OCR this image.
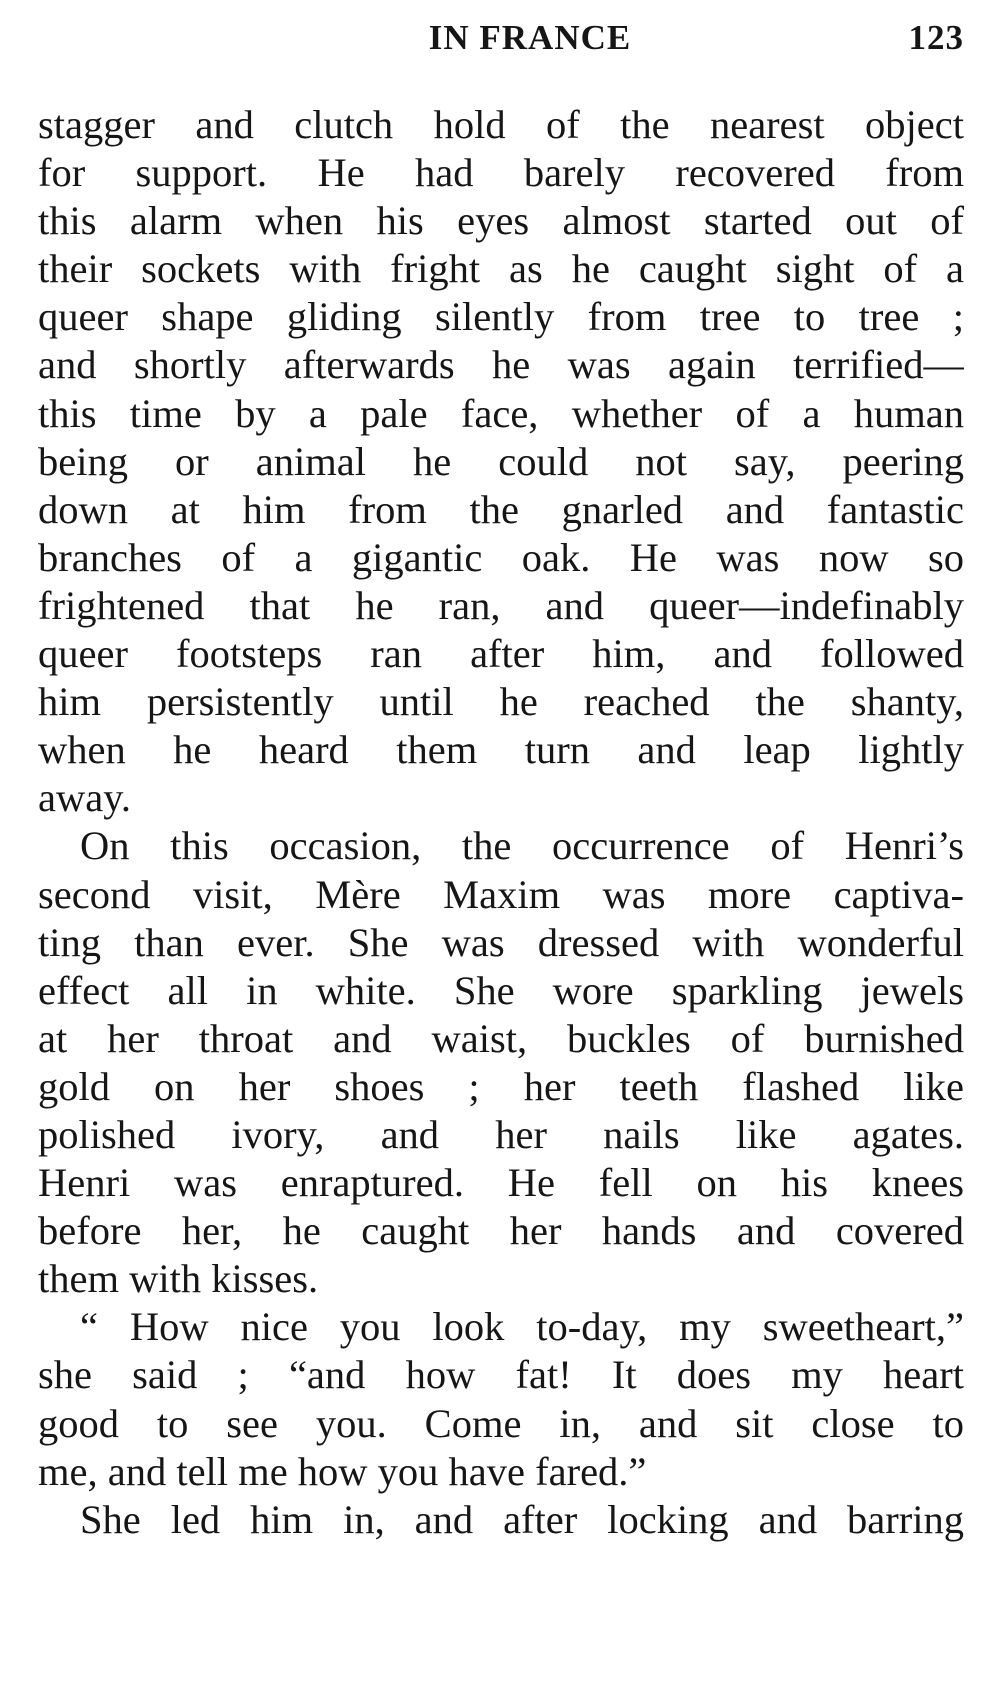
IN FRANCE	123
stagger and clutch hold of the nearest object
for support. He had barely recovered from
this alarm when his eyes almost started out of
their sockets with fright as he caught sight of a
queer shape gliding silently from tree to tree ;
and shortly afterwards he was again terrified—
this time by a pale face, whether of a human
being or animal he could not say, peering
down at him from the gnarled and fantastic
branches of a gigantic oak. He was now so
frightened that he ran, and queer—indefinably
queer footsteps ran after him, and followed
him persistently until he reached the shanty,
when he heard them turn and leap lightly
away.
On this occasion, the occurrence of Henri’s
second visit, Mère Maxim was more captiva-
ting than ever. She was dressed with wonderful
effect all in white. She wore sparkling jewels
at her throat and waist, buckles of burnished
gold on her shoes ; her teeth flashed like
polished ivory, and her nails like agates.
Henri was enraptured. He fell on his knees
before her, he caught her hands and covered
them with kisses.
“ How nice you look to-day, my sweetheart,”
she said ; “and how fat! It does my heart
good to see you. Come in, and sit close to
me, and tell me how you have fared.”
She led him in, and after locking and barring
